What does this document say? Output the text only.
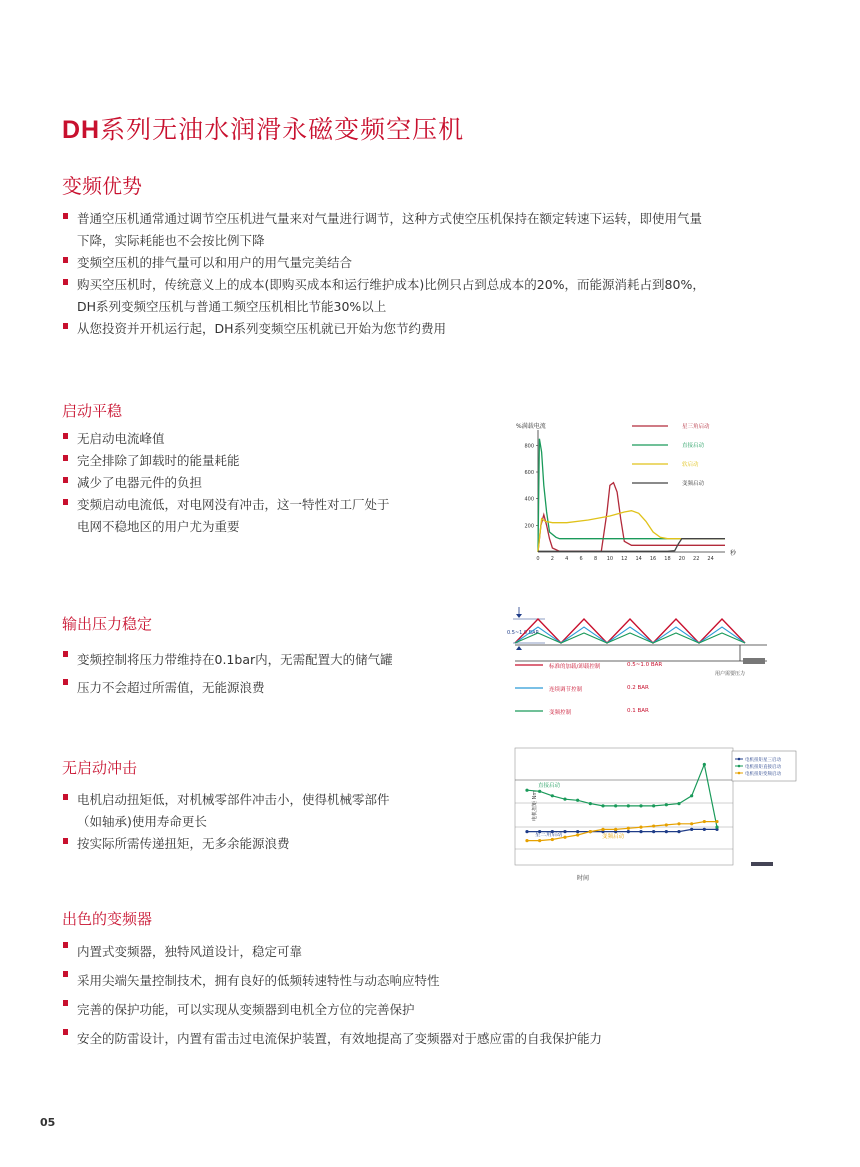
DH系列无油水润滑永磁变频空压机
变频优势
普通空压机通常通过调节空压机进气量来对气量进行调节，这种方式使空压机保持在额定转速下运转，即使用气量
下降，实际耗能也不会按比例下降
变频空压机的排气量可以和用户的用气量完美结合
购买空压机时，传统意义上的成本(即购买成本和运行维护成本)比例只占到总成本的20%，而能源消耗占到80%，
DH系列变频空压机与普通工频空压机相比节能30%以上
从您投资并开机运行起，DH系列变频空压机就已开始为您节约费用
启动平稳
无启动电流峰值
完全排除了卸载时的能量耗能
减少了电器元件的负担
变频启动电流低，对电网没有冲击，这一特性对工厂处于
电网不稳地区的用户尤为重要
输出压力稳定
变频控制将压力带维持在0.1bar内，无需配置大的储气罐
压力不会超过所需值，无能源浪费
无启动冲击
电机启动扭矩低，对机械零部件冲击小，使得机械零部件
（如轴承)使用寿命更长
按实际所需传递扭矩，无多余能源浪费
出色的变频器
内置式变频器，独特风道设计，稳定可靠
采用尖端矢量控制技术，拥有良好的低频转速特性与动态响应特性
完善的保护功能，可以实现从变频器到电机全方位的完善保护
安全的防雷设计，内置有雷击过电流保护装置，有效地提高了变频器对于感应雷的自我保护能力
%满载电流
秒
200
400
600
800
0 2 4 6 8 10 12 14 16 18 20 22 24
星三角启动
直接启动
软启动
变频启动
0.5~1.0 BAR
用户需要压力
标准的加载/卸载控制	0.5~1.0 BAR
连续调节控制	0.2 BAR
变频控制	0.1 BAR
电机扭矩 Nm
时间
直接启动
星三角启动	变频启动
电机扭矩星三启动
电机扭矩直接启动
电机扭矩变频启动
05
